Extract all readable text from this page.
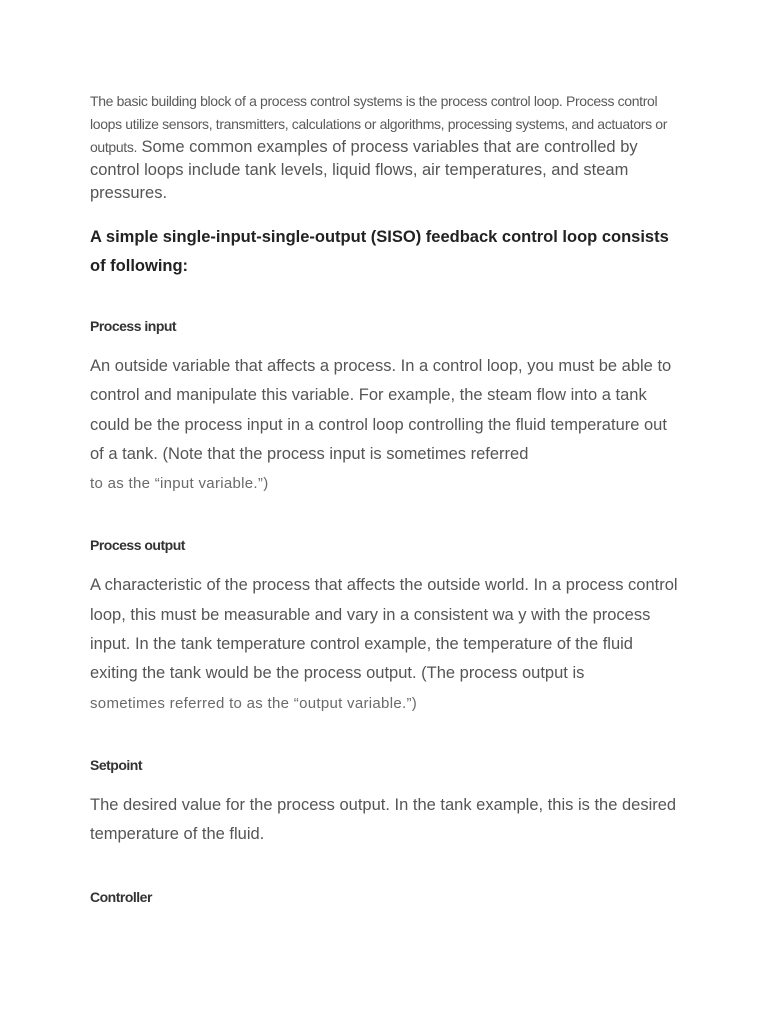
The basic building block of a process control systems is the process control loop. Process control loops utilize sensors, transmitters, calculations or algorithms, processing systems, and actuators or outputs. Some common examples of process variables that are controlled by control loops include tank levels, liquid flows, air temperatures, and steam pressures.

A simple single-input-single-output (SISO) feedback control loop consists of following:

Process input

An outside variable that affects a process. In a control loop, you must be able to control and manipulate this variable. For example, the steam flow into a tank could be the process input in a control loop controlling the fluid temperature out of a tank. (Note that the process input is sometimes referred
to as the “input variable.”)

Process output

A characteristic of the process that affects the outside world. In a process control loop, this must be measurable and vary in a consistent wa y with the process input. In the tank temperature control example, the temperature of the fluid exiting the tank would be the process output. (The process output is
sometimes referred to as the “output variable.”)

Setpoint

The desired value for the process output. In the tank example, this is the desired temperature of the fluid.

Controller
